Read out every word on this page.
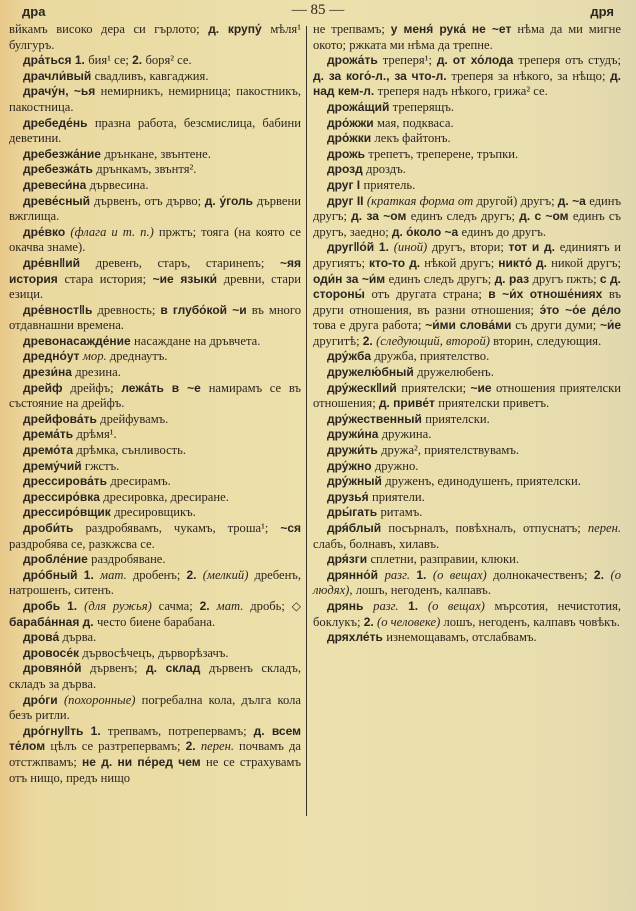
дра	— 85 —	дря

вйкамъ високо дера си гърлото; д. крупу́ мѣля¹ булгуръ.

дра́ться 1. бия¹ се; 2. боря² се.

драчли́вый свадливъ, кавгаджия.

драчу́н, ~ья немирникъ, немирница; пакостникъ, пакостница.

дребеде́нь празна работа, безсмислица, бабини деветини.

дребезжа́ние дрънкане, звънтене.

дребезжа́ть дрънкамъ, звънтя².

древеси́на дървесина.

древе́сный дървенъ, отъ дърво; д. у́голь дървени вжглища.

дре́вко (флага и т. п.) пржтъ; тояга (на която се окачва знаме).

дре́вн‖ий древенъ, старъ, старинenъ; ~яя история стара история; ~ие языки́ древни, стари езици.

дре́вност‖ь древность; в глубо́кой ~и въ много отдавнашни времена.

древонасажде́ние насаждане на дръвчета.

дредно́ут мор. дреднаутъ.

дрези́на дрезина.

дрейф дрейфъ; лежа́ть в ~е намирамъ се въ състояние на дрейфъ.

дрейфова́ть дрейфувамъ.

дрема́ть дрѣмя¹.

дремо́та дрѣмка, сънливость.

дрему́чий гжстъ.

дрессирова́ть дресирамъ.

дрессиро́вка дресировка, дресиране.

дрессиро́вщик дресировщикъ.

дроби́ть раздробявамъ, чукамъ, троша¹; ~ся раздробява се, разкжсва се.

дробле́ние раздробяване.

дро́бный 1. мат. дробенъ; 2. (мелкий) дребенъ, натрошенъ, ситенъ.

дробь 1. (для ружья) сачма; 2. мат. дробь; ◇ бараба́нная д. често биене барабана.

дрова́ дърва.

дровосе́к дървосѣчецъ, дърворѣзачъ.

дровяно́й дървенъ; д. склад дървенъ складъ, складъ за дърва.

дро́ги (похоронные) погребална кола, дълга кола безъ ритли.

дро́гну‖ть 1. трепвамъ, потрепервамъ; д. всем те́лом цѣлъ се разтрепервамъ; 2. перен. почвамъ да отстжпвамъ; не д. ни пе́ред чем не се страхувамъ отъ нищо, предъ нищо

не трепвамъ; у меня́ рука́ не ~ет нѣма да ми мигне окото; ржката ми нѣма да трепне.

дрожа́ть треперя¹; д. от хо́лода треперя отъ студъ; д. за кого́-л., за что-л. треперя за нѣкого, за нѣщо; д. над кем-л. треперя надъ нѣкого, грижа² се.

дрожа́щий треперящъ.

дро́жжи мая, подкваса.

дро́жки лекъ файтонъ.

дрожь трепетъ, треперене, тръпки.

дрозд дроздъ.

друг I приятель.

друг II (краткая форма от другой) другъ; д. ~а единъ другъ; д. за ~ом единъ следъ другъ; д. с ~ом единъ съ другъ, заедно; д. о́коло ~а единъ до другъ.

друг‖о́й 1. (иной) другъ, втори; тот и д. единиятъ и другиятъ; кто-то д. нѣкой другъ; никто́ д. никой другъ; оди́н за ~и́м единъ следъ другъ; д. раз другъ пжть; с д. стороны́ отъ другата страна; в ~и́х отноше́ниях въ други отношения, въ разни отношения; э́то ~о́е де́ло това е друга работа; ~и́ми слова́ми съ други думи; ~и́е другитѣ; 2. (следующий, второй) вторин, следующия.

дру́жба дружба, приятелство.

дружелю́бный дружелюбенъ.

дру́жеск‖ий приятелски; ~ие отношения приятелски отношения; д. приве́т приятелски приветъ.

дру́жественный приятелски.

дружи́на дружина.

дружи́ть дружа², приятелствувамъ.

дру́жно дружно.

дру́жный друженъ, единодушенъ, приятелски.

друзья́ приятели.

дры́гать ритамъ.

дря́блый посърналъ, повѣхналъ, отпуснатъ; перен. слабъ, болнавъ, хилавъ.

дря́зги сплетни, разправии, клюки.

дрянно́й разг. 1. (о вещах) долнокачественъ; 2. (о людях), лошъ, негоденъ, калпавъ.

дрянь разг. 1. (о вещах) мърсотия, нечистотия, боклукъ; 2. (о человеке) лошъ, негоденъ, калпавъ човѣкъ.

дряхле́ть изнемощавамъ, отслабвамъ.
